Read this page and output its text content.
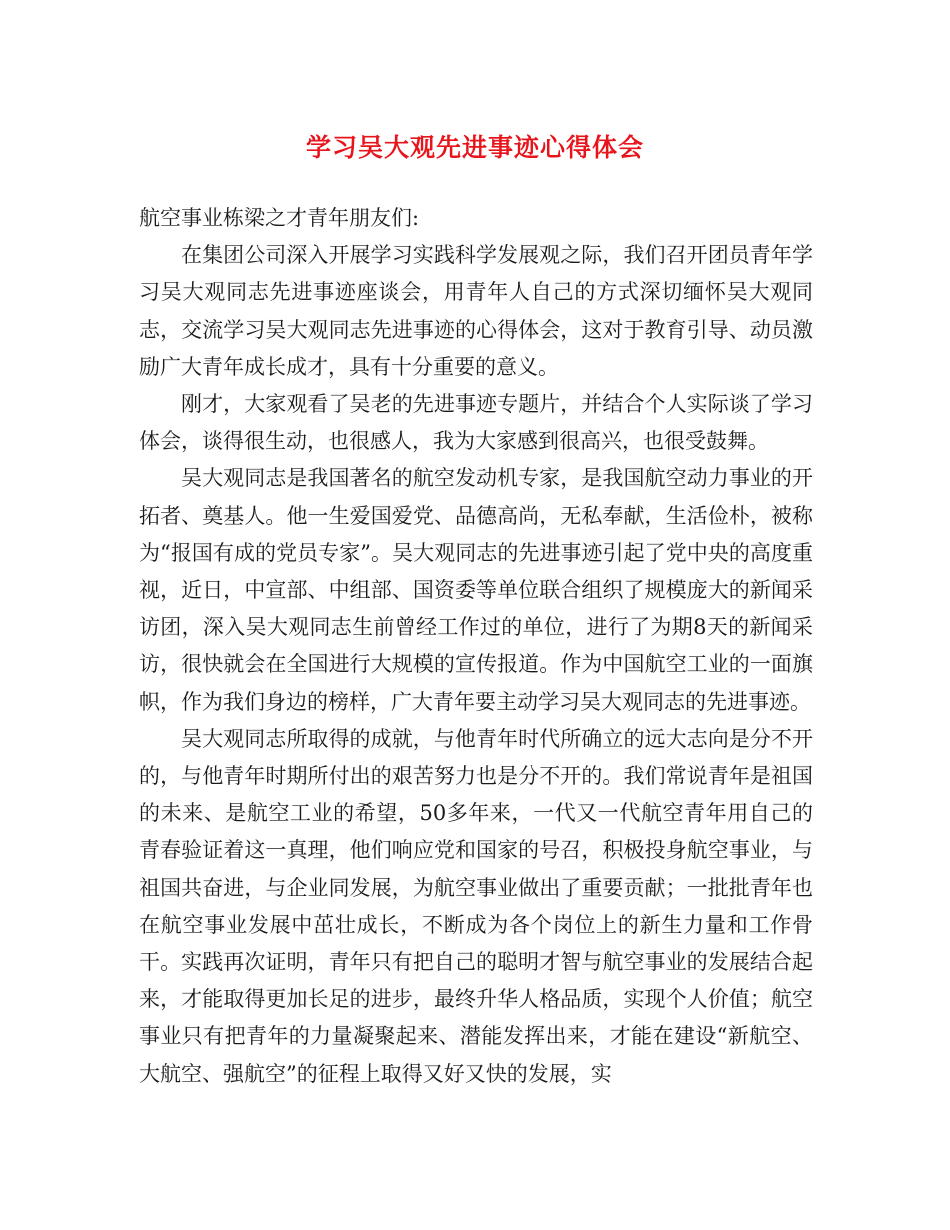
学习吴大观先进事迹心得体会

航空事业栋梁之才青年朋友们:

在集团公司深入开展学习实践科学发展观之际，我们召开团员青年学习吴大观同志先进事迹座谈会，用青年人自己的方式深切缅怀吴大观同志，交流学习吴大观同志先进事迹的心得体会，这对于教育引导、动员激励广大青年成长成才，具有十分重要的意义。

刚才，大家观看了吴老的先进事迹专题片，并结合个人实际谈了学习体会，谈得很生动，也很感人，我为大家感到很高兴，也很受鼓舞。

吴大观同志是我国著名的航空发动机专家，是我国航空动力事业的开拓者、奠基人。他一生爱国爱党、品德高尚，无私奉献，生活俭朴，被称为“报国有成的党员专家”。吴大观同志的先进事迹引起了党中央的高度重视，近日，中宣部、中组部、国资委等单位联合组织了规模庞大的新闻采访团，深入吴大观同志生前曾经工作过的单位，进行了为期8天的新闻采访，很快就会在全国进行大规模的宣传报道。作为中国航空工业的一面旗帜，作为我们身边的榜样，广大青年要主动学习吴大观同志的先进事迹。

吴大观同志所取得的成就，与他青年时代所确立的远大志向是分不开的，与他青年时期所付出的艰苦努力也是分不开的。我们常说青年是祖国的未来、是航空工业的希望，50多年来，一代又一代航空青年用自己的青春验证着这一真理，他们响应党和国家的号召，积极投身航空事业，与祖国共奋进，与企业同发展，为航空事业做出了重要贡献；一批批青年也在航空事业发展中茁壮成长，不断成为各个岗位上的新生力量和工作骨干。实践再次证明，青年只有把自己的聪明才智与航空事业的发展结合起来，才能取得更加长足的进步，最终升华人格品质，实现个人价值；航空事业只有把青年的力量凝聚起来、潜能发挥出来，才能在建设“新航空、大航空、强航空”的征程上取得又好又快的发展，实
